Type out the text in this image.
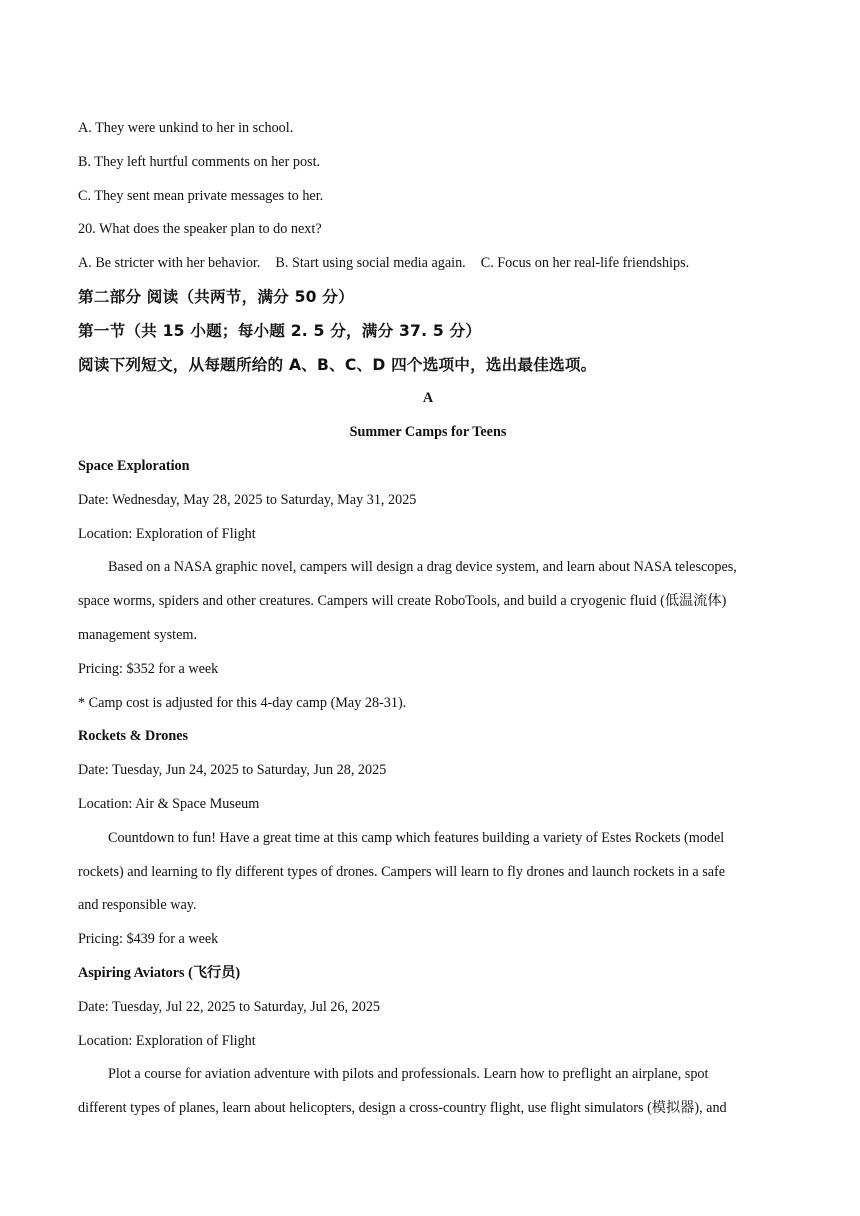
A. They were unkind to her in school.
B. They left hurtful comments on her post.
C. They sent mean private messages to her.
20. What does the speaker plan to do next?
A. Be stricter with her behavior. B. Start using social media again. C. Focus on her real-life friendships.
第二部分 阅读（共两节，满分 50 分）
第一节（共 15 小题；每小题 2. 5 分，满分 37. 5 分）
阅读下列短文，从每题所给的 A、B、C、D 四个选项中，选出最佳选项。
A
Summer Camps for Teens
Space Exploration
Date: Wednesday, May 28, 2025 to Saturday, May 31, 2025
Location: Exploration of Flight
Based on a NASA graphic novel, campers will design a drag device system, and learn about NASA telescopes,
space worms, spiders and other creatures. Campers will create RoboTools, and build a cryogenic fluid (低温流体)
management system.
Pricing: $352 for a week
* Camp cost is adjusted for this 4-day camp (May 28-31).
Rockets & Drones
Date: Tuesday, Jun 24, 2025 to Saturday, Jun 28, 2025
Location: Air & Space Museum
Countdown to fun! Have a great time at this camp which features building a variety of Estes Rockets (model
rockets) and learning to fly different types of drones. Campers will learn to fly drones and launch rockets in a safe
and responsible way.
Pricing: $439 for a week
Aspiring Aviators (飞行员)
Date: Tuesday, Jul 22, 2025 to Saturday, Jul 26, 2025
Location: Exploration of Flight
Plot a course for aviation adventure with pilots and professionals. Learn how to preflight an airplane, spot
different types of planes, learn about helicopters, design a cross-country flight, use flight simulators (模拟器), and
